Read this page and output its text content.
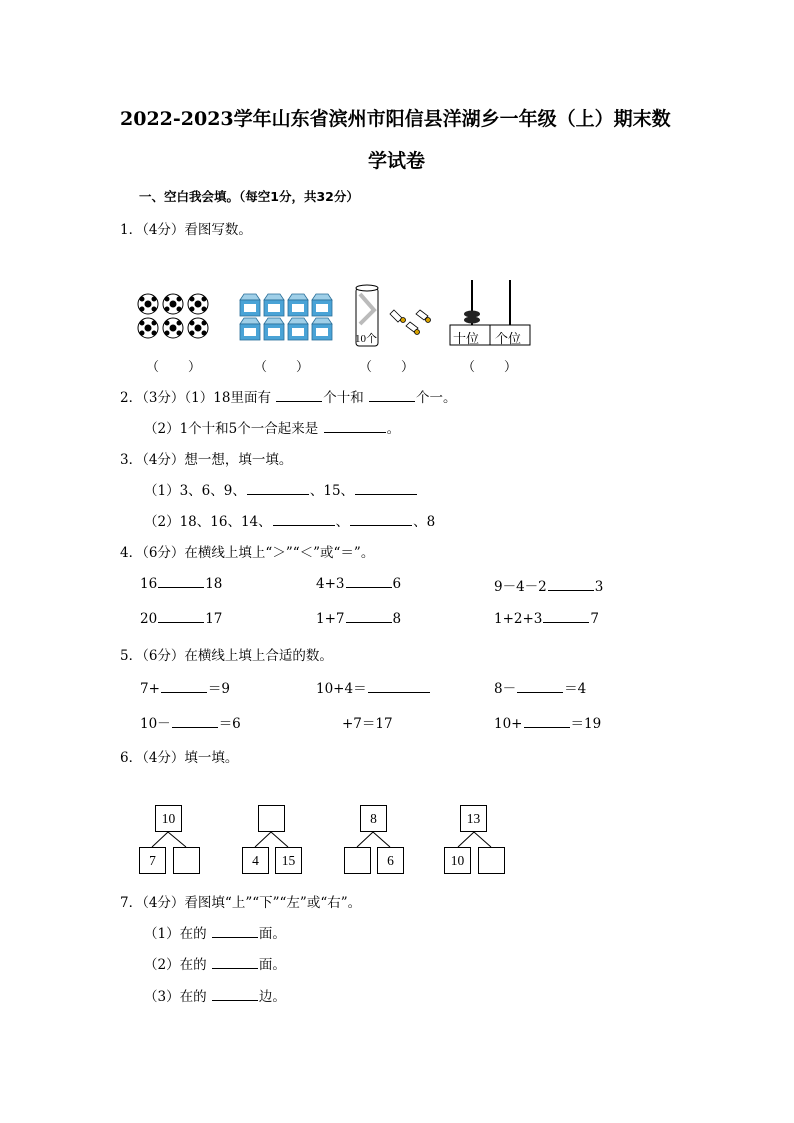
2022-2023学年山东省滨州市阳信县洋湖乡一年级（上）期末数
学试卷
一、空白我会填。（每空1分，共32分）
1．（4分）看图写数。
10个	十位 个位
（　　）	（　　）	（　　）	（　　）
2．（3分）（1）18里面有	个十和	个一。
（2）1个十和5个一合起来是	。
3．（4分）想一想，填一填。
（1）3、6、9、	、15、
（2）18、16、14、	、	、8
4．（6分）在横线上填上“＞”“＜”或“＝”。
16	18	4+3	6	9－4－2	3
20	17	1+7	8	1+2+3	7
5．（6分）在横线上填上合适的数。
7+	＝9	10+4＝	8－	＝4
10－	＝6	+7＝17	10+	＝19
6．（4分）填一填。
10
7	4	15
8
6
13
10
7．（4分）看图填“上”“下”“左”或“右”。
（1）在的	面。
（2）在的	面。
（3）在的	边。
